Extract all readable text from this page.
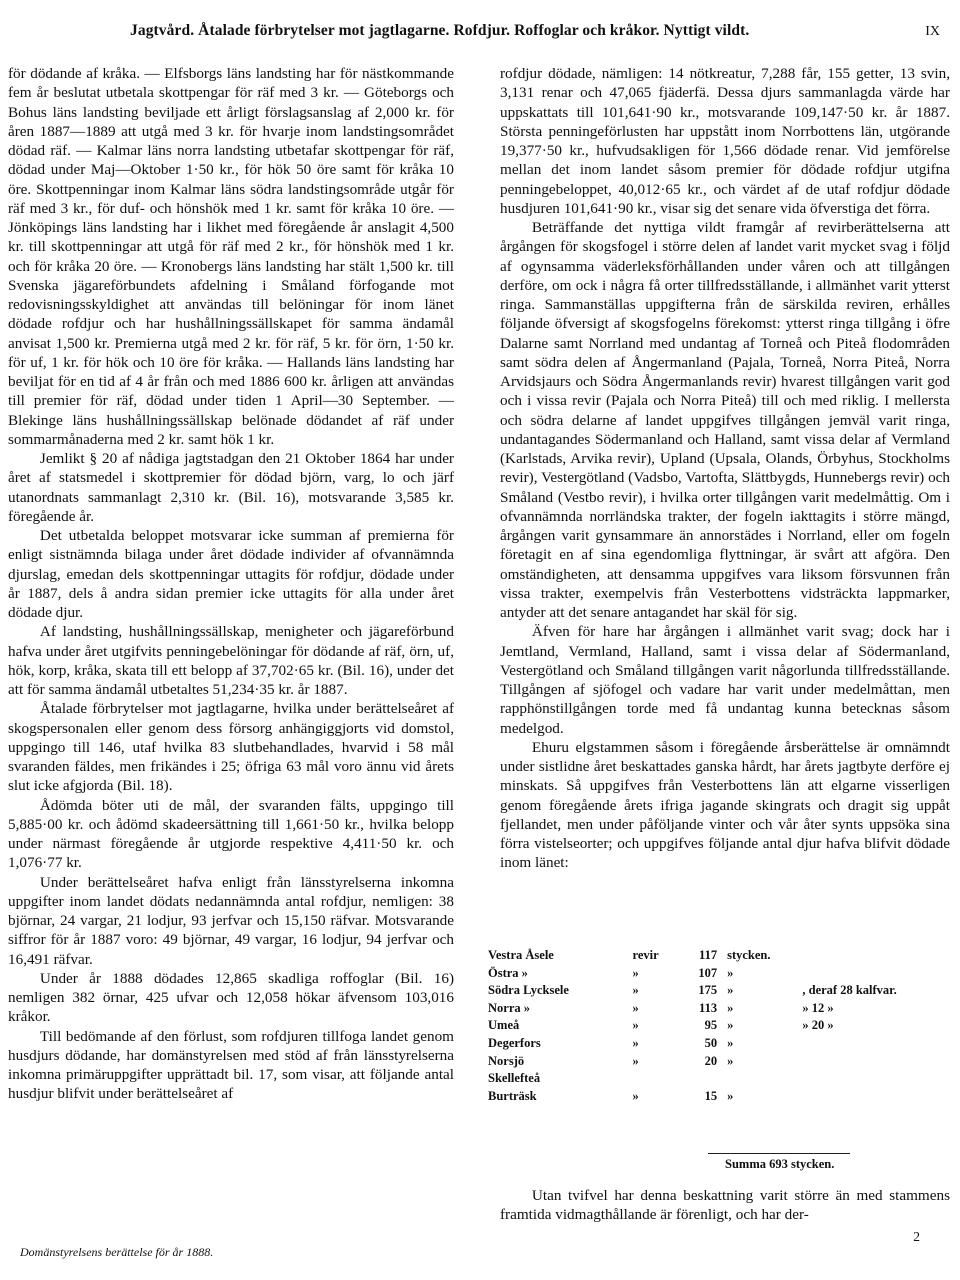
Jagtvård. Åtalade förbrytelser mot jagtlagarne. Rofdjur. Roffoglar och kråkor. Nyttigt vildt.	IX

för dödande af kråka. — Elfsborgs läns landsting har för nästkommande fem år beslutat utbetala skottpengar för räf med 3 kr. — Göteborgs och Bohus läns landsting beviljade ett årligt förslagsanslag af 2,000 kr. för åren 1887—1889 att utgå med 3 kr. för hvarje inom landstingsområdet dödad räf. — Kalmar läns norra landsting utbetafar skottpengar för räf, dödad under Maj—Oktober 1·50 kr., för hök 50 öre samt för kråka 10 öre. Skottpenningar inom Kalmar läns södra landstingsområde utgår för räf med 3 kr., för duf- och hönshök med 1 kr. samt för kråka 10 öre. — Jönköpings läns landsting har i likhet med föregående år anslagit 4,500 kr. till skottpenningar att utgå för räf med 2 kr., för hönshök med 1 kr. och för kråka 20 öre. — Kronobergs läns landsting har stält 1,500 kr. till Svenska jägareförbundets afdelning i Småland förfogande mot redovisningsskyldighet att användas till belöningar för inom länet dödade rofdjur och har hushållningssällskapet för samma ändamål anvisat 1,500 kr. Premierna utgå med 2 kr. för räf, 5 kr. för örn, 1·50 kr. för uf, 1 kr. för hök och 10 öre för kråka. — Hallands läns landsting har beviljat för en tid af 4 år från och med 1886 600 kr. årligen att användas till premier för räf, dödad under tiden 1 April—30 September. — Blekinge läns hushållningssällskap belönade dödandet af räf under sommarmånaderna med 2 kr. samt hök 1 kr.

Jemlikt § 20 af nådiga jagtstadgan den 21 Oktober 1864 har under året af statsmedel i skottpremier för dödad björn, varg, lo och järf utanordnats sammanlagt 2,310 kr. (Bil. 16), motsvarande 3,585 kr. föregående år.

Det utbetalda beloppet motsvarar icke summan af premierna för enligt sistnämnda bilaga under året dödade individer af ofvannämnda djurslag, emedan dels skottpenningar uttagits för rofdjur, dödade under år 1887, dels å andra sidan premier icke uttagits för alla under året dödade djur.

Af landsting, hushållningssällskap, menigheter och jägareförbund hafva under året utgifvits penningebelöningar för dödande af räf, örn, uf, hök, korp, kråka, skata till ett belopp af 37,702·65 kr. (Bil. 16), under det att för samma ändamål utbetaltes 51,234·35 kr. år 1887.

Åtalade förbrytelser mot jagtlagarne, hvilka under berättelseåret af skogspersonalen eller genom dess försorg anhängiggjorts vid domstol, uppgingo till 146, utaf hvilka 83 slutbehandlades, hvarvid i 58 mål svaranden fäldes, men frikändes i 25; öfriga 63 mål voro ännu vid årets slut icke afgjorda (Bil. 18).

Ådömda böter uti de mål, der svaranden fälts, uppgingo till 5,885·00 kr. och ådömd skadeersättning till 1,661·50 kr., hvilka belopp under närmast föregående år utgjorde respektive 4,411·50 kr. och 1,076·77 kr.

Under berättelseåret hafva enligt från länsstyrelserna inkomna uppgifter inom landet dödats nedannämnda antal rofdjur, nemligen: 38 björnar, 24 vargar, 21 lodjur, 93 jerfvar och 15,150 räfvar. Motsvarande siffror för år 1887 voro: 49 björnar, 49 vargar, 16 lodjur, 94 jerfvar och 16,491 räfvar.

Under år 1888 dödades 12,865 skadliga roffoglar (Bil. 16) nemligen 382 örnar, 425 ufvar och 12,058 hökar äfvensom 103,016 kråkor.

Till bedömande af den förlust, som rofdjuren tillfoga landet genom husdjurs dödande, har domänstyrelsen med stöd af från länsstyrelserna inkomna primäruppgifter upprättadt bil. 17, som visar, att följande antal husdjur blifvit under berättelseåret af

rofdjur dödade, nämligen: 14 nötkreatur, 7,288 får, 155 getter, 13 svin, 3,131 renar och 47,065 fjäderfä. Dessa djurs sammanlagda värde har uppskattats till 101,641·90 kr., motsvarande 109,147·50 kr. år 1887. Största penningeförlusten har uppstått inom Norrbottens län, utgörande 19,377·50 kr., hufvudsakligen för 1,566 dödade renar. Vid jemförelse mellan det inom landet såsom premier för dödade rofdjur utgifna penningebeloppet, 40,012·65 kr., och värdet af de utaf rofdjur dödade husdjuren 101,641·90 kr., visar sig det senare vida öfverstiga det förra.

Beträffande det nyttiga vildt framgår af revirberättelserna att årgången för skogsfogel i större delen af landet varit mycket svag i följd af ogynsamma väderleksförhållanden under våren och att tillgången derföre, om ock i några få orter tillfredsställande, i allmänhet varit ytterst ringa. Sammanställas uppgifterna från de särskilda reviren, erhålles följande öfversigt af skogsfogelns förekomst: ytterst ringa tillgång i öfre Dalarne samt Norrland med undantag af Torneå och Piteå flodområden samt södra delen af Ångermanland (Pajala, Torneå, Norra Piteå, Norra Arvidsjaurs och Södra Ångermanlands revir) hvarest tillgången varit god och i vissa revir (Pajala och Norra Piteå) till och med riklig. I mellersta och södra delarne af landet uppgifves tillgången jemväl varit ringa, undantagandes Södermanland och Halland, samt vissa delar af Vermland (Karlstads, Arvika revir), Upland (Upsala, Olands, Örbyhus, Stockholms revir), Vestergötland (Vadsbo, Vartofta, Slättbygds, Hunnebergs revir) och Småland (Vestbo revir), i hvilka orter tillgången varit medelmåttig. Om i ofvannämnda norrländska trakter, der fogeln iakttagits i större mängd, årgången varit gynsammare än annorstädes i Norrland, eller om fogeln företagit en af sina egendomliga flyttningar, är svårt att afgöra. Den omständigheten, att densamma uppgifves vara liksom försvunnen från vissa trakter, exempelvis från Vesterbottens vidsträckta lappmarker, antyder att det senare antagandet har skäl för sig.

Äfven för hare har årgången i allmänhet varit svag; dock har i Jemtland, Vermland, Halland, samt i vissa delar af Södermanland, Vestergötland och Småland tillgången varit någorlunda tillfredsställande. Tillgången af sjöfogel och vadare har varit under medelmåttan, men rapphönstillgången torde med få undantag kunna betecknas såsom medelgod.

Ehuru elgstammen såsom i föregående årsberättelse är omnämndt under sistlidne året beskattades ganska hårdt, har årets jagtbyte derföre ej minskats. Så uppgifves från Vesterbottens län att elgarne visserligen genom föregående årets ifriga jagande skingrats och dragit sig uppåt fjellandet, men under påföljande vinter och vår åter synts uppsöka sina förra vistelseorter; och uppgifves följande antal djur hafva blifvit dödade inom länet:

Vestra Åsele	revir	117	stycken.	
Östra »	»	107	»	
Södra Lycksele	»	175	»	, deraf 28 kalfvar.
Norra »	»	113	»	» 12 »
Umeå	»	95	»	» 20 »
Degerfors	»	50	»	
Norsjö	»	20	»	
Skellefteå				
Burträsk	»	15	»	
Summa 693 stycken.

Utan tvifvel har denna beskattning varit större än med stammens framtida vidmagthållande är förenligt, och har der-

Domänstyrelsens berättelse för år 1888.
2
